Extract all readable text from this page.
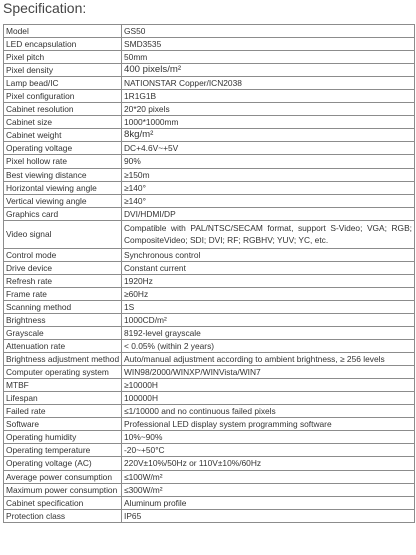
Specification:
Model	GS50
LED encapsulation	SMD3535
Pixel pitch	50mm
Pixel density	400 pixels/m²
Lamp bead/IC	NATIONSTAR Copper/ICN2038
Pixel configuration	1R1G1B
Cabinet resolution	20*20 pixels
Cabinet size	1000*1000mm
Cabinet weight	8kg/m²
Operating voltage	DC+4.6V~+5V
Pixel hollow rate	90%
Best viewing distance	≥150m
Horizontal viewing angle	≥140°
Vertical viewing angle	≥140°
Graphics card	DVI/HDMI/DP
Video signal	Compatible with PAL/NTSC/SECAM format, support S-Video; VGA; RGB; CompositeVideo; SDI; DVI; RF; RGBHV; YUV; YC, etc.
Control mode	Synchronous control
Drive device	Constant current
Refresh rate	1920Hz
Frame rate	≥60Hz
Scanning method	1S
Brightness	1000CD/m²
Grayscale	8192-level grayscale
Attenuation rate	< 0.05% (within 2 years)
Brightness adjustment method	Auto/manual adjustment according to ambient brightness, ≥ 256 levels
Computer operating system	WIN98/2000/WINXP/WINVista/WIN7
MTBF	≥10000H
Lifespan	100000H
Failed rate	≤1/10000 and no continuous failed pixels
Software	Professional LED display system programming software
Operating humidity	10%~90%
Operating temperature	-20~+50°C
Operating voltage (AC)	220V±10%/50Hz or 110V±10%/60Hz
Average power consumption	≤100W/m²
Maximum power consumption	≤300W/m²
Cabinet specification	Aluminum profile
Protection class	IP65
